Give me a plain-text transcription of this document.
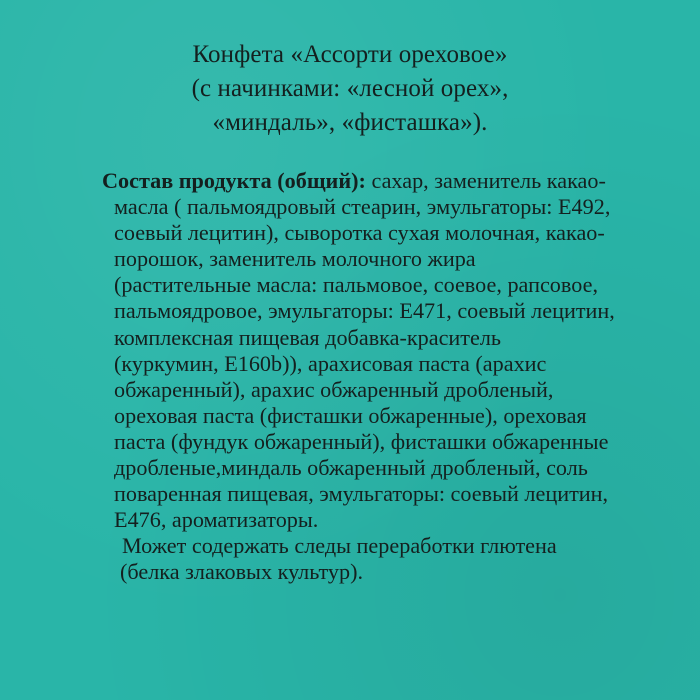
Конфета «Ассорти ореховое»
(с начинками: «лесной орех»,
«миндаль», «фисташка»).
Состав продукта (общий): сахар, заменитель какао-
масла ( пальмоядровый стеарин, эмульгаторы: Е492,
соевый лецитин), сыворотка сухая молочная, какао-
порошок, заменитель молочного жира
(растительные масла: пальмовое, соевое, рапсовое,
пальмоядровое, эмульгаторы: Е471, соевый лецитин,
комплексная пищевая добавка-краситель
(куркумин, Е160b)), арахисовая паста (арахис
обжаренный), арахис обжаренный дробленый,
ореховая паста (фисташки обжаренные), ореховая
паста (фундук обжаренный), фисташки обжаренные
дробленые,миндаль обжаренный дробленый, соль
поваренная пищевая, эмульгаторы: соевый лецитин,
Е476, ароматизаторы.
Может содержать следы переработки глютена
(белка злаковых культур).
